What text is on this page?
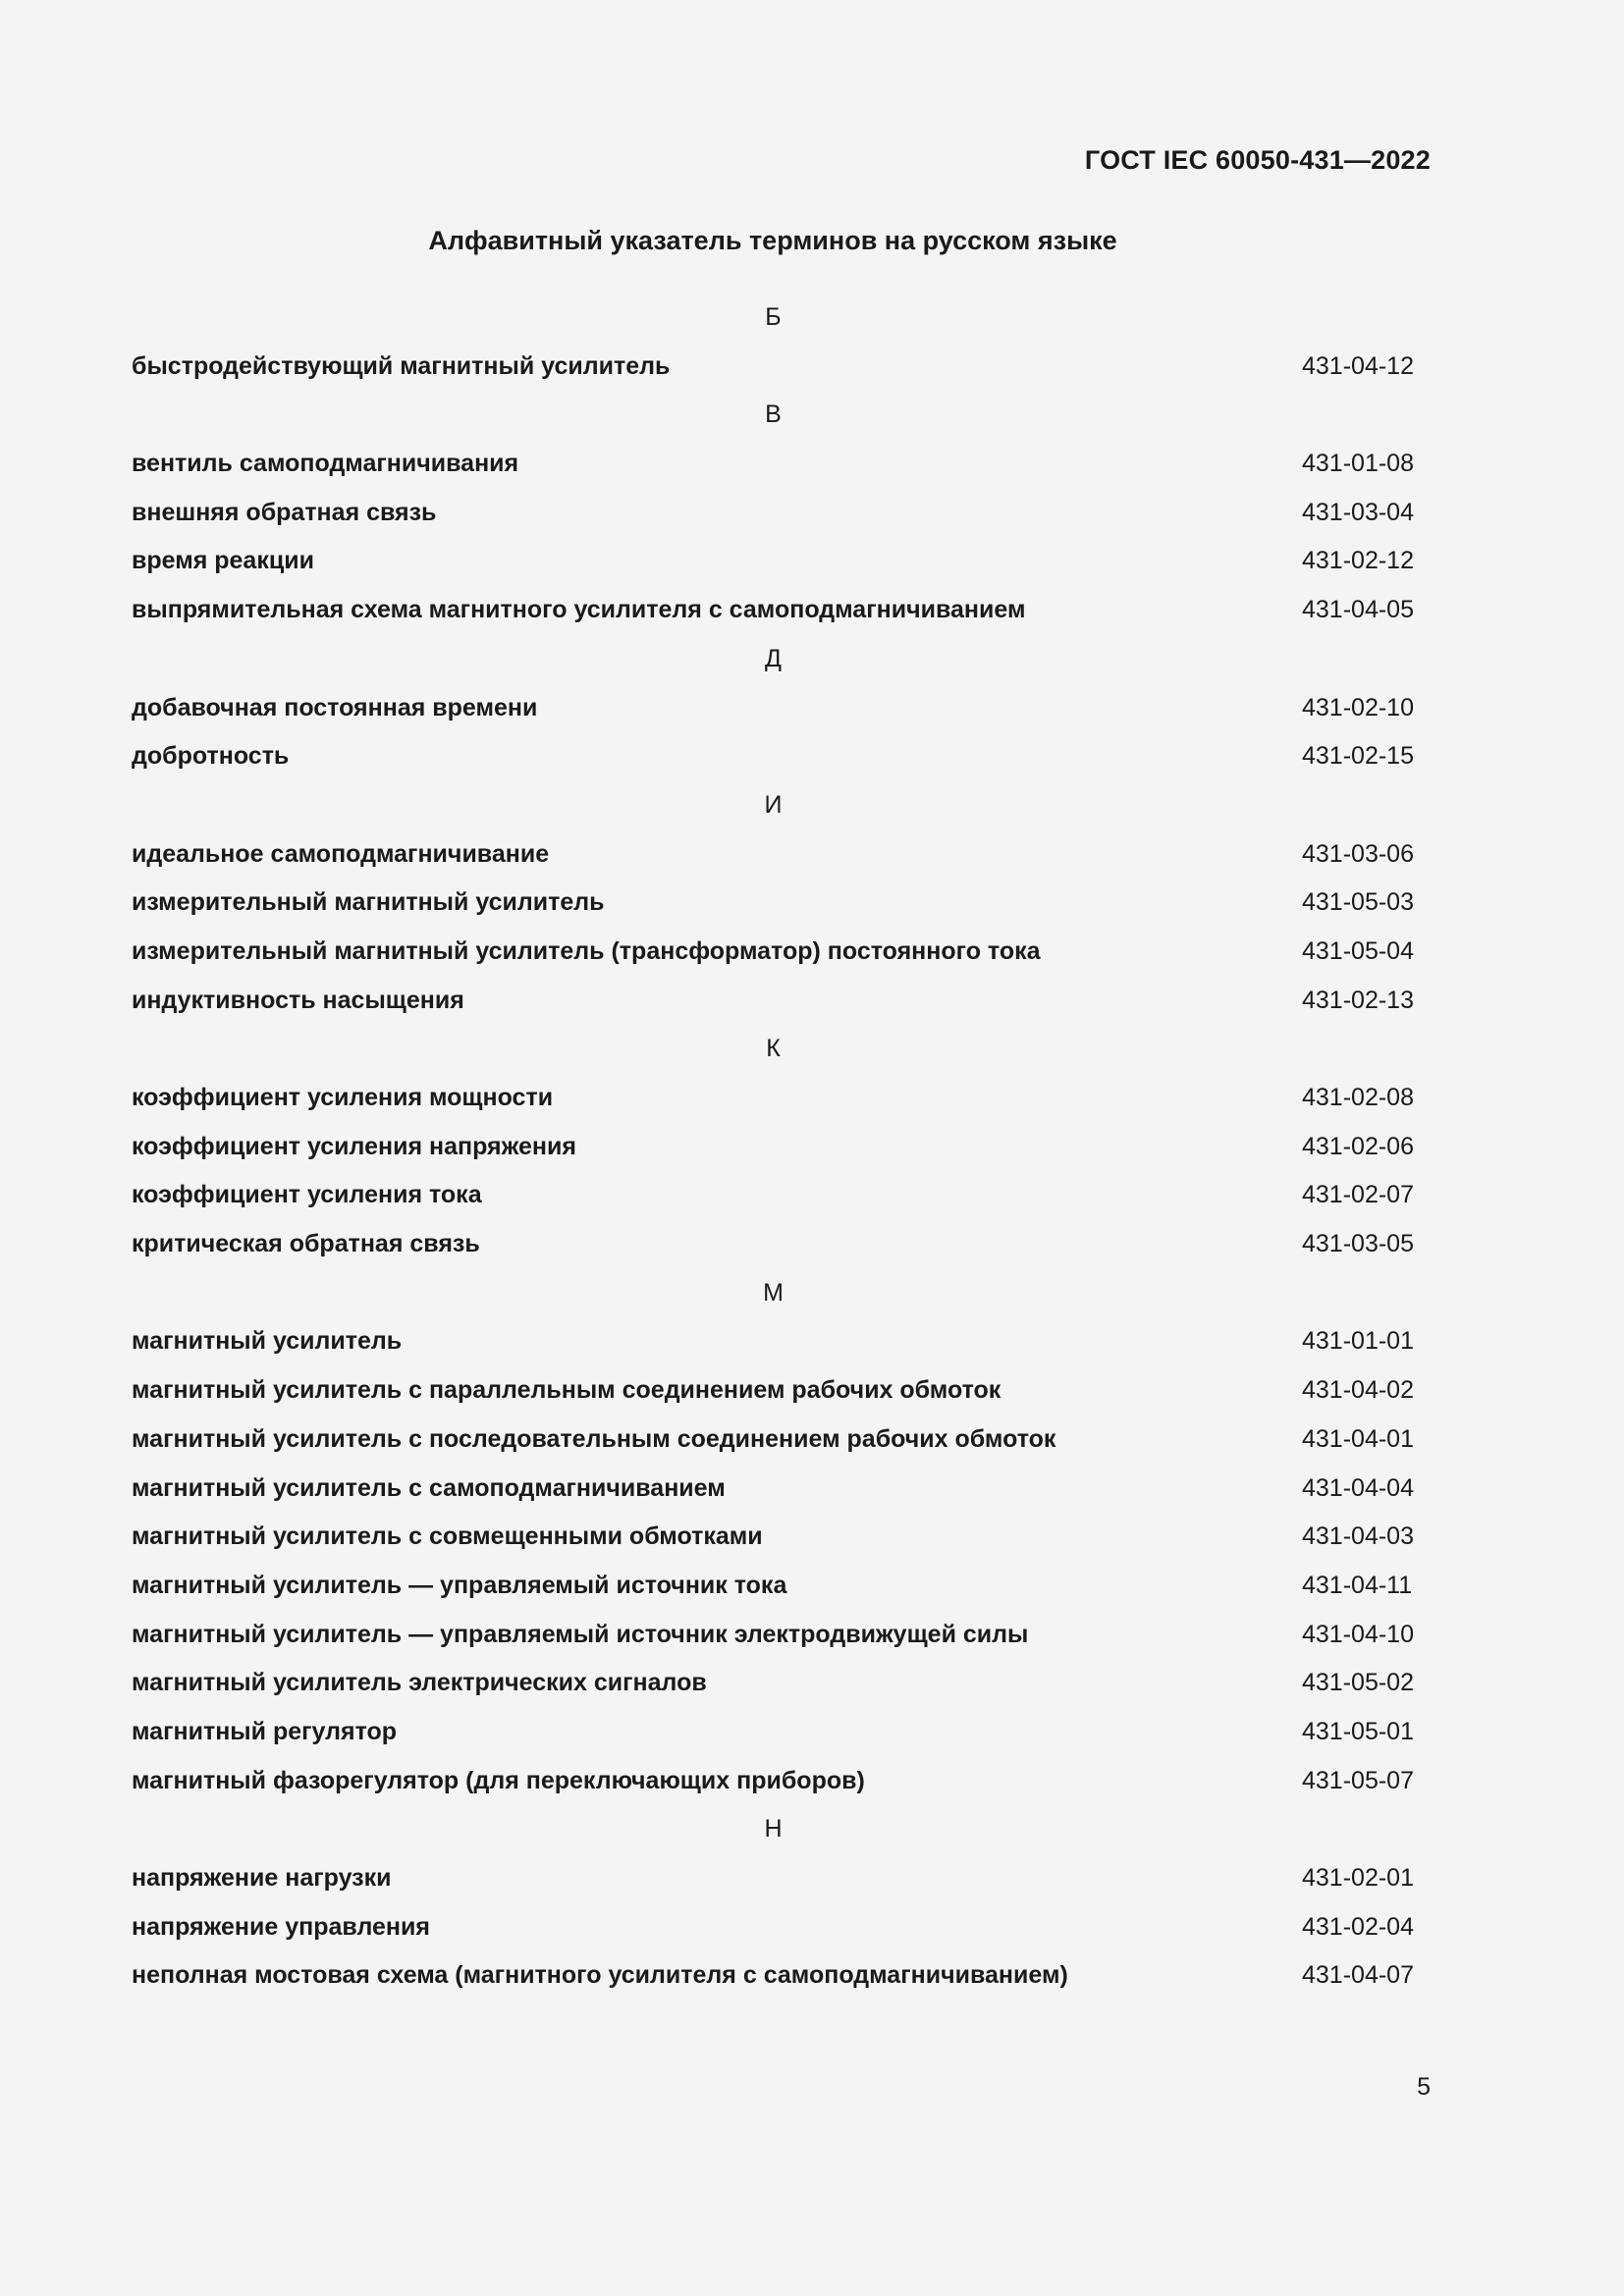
ГОСТ IEC 60050-431—2022
Алфавитный указатель терминов на русском языке
Б
быстродействующий магнитный усилитель	431-04-12
В
вентиль самоподмагничивания	431-01-08
внешняя обратная связь	431-03-04
время реакции	431-02-12
выпрямительная схема магнитного усилителя с самоподмагничиванием	431-04-05
Д
добавочная постоянная времени	431-02-10
добротность	431-02-15
И
идеальное самоподмагничивание	431-03-06
измерительный магнитный усилитель	431-05-03
измерительный магнитный усилитель (трансформатор) постоянного тока	431-05-04
индуктивность насыщения	431-02-13
К
коэффициент усиления мощности	431-02-08
коэффициент усиления напряжения	431-02-06
коэффициент усиления тока	431-02-07
критическая обратная связь	431-03-05
М
магнитный усилитель	431-01-01
магнитный усилитель с параллельным соединением рабочих обмоток	431-04-02
магнитный усилитель с последовательным соединением рабочих обмоток	431-04-01
магнитный усилитель с самоподмагничиванием	431-04-04
магнитный усилитель с совмещенными обмотками	431-04-03
магнитный усилитель — управляемый источник тока	431-04-11
магнитный усилитель — управляемый источник электродвижущей силы	431-04-10
магнитный усилитель электрических сигналов	431-05-02
магнитный регулятор	431-05-01
магнитный фазорегулятор (для переключающих приборов)	431-05-07
Н
напряжение нагрузки	431-02-01
напряжение управления	431-02-04
неполная мостовая схема (магнитного усилителя с самоподмагничиванием)	431-04-07
5
